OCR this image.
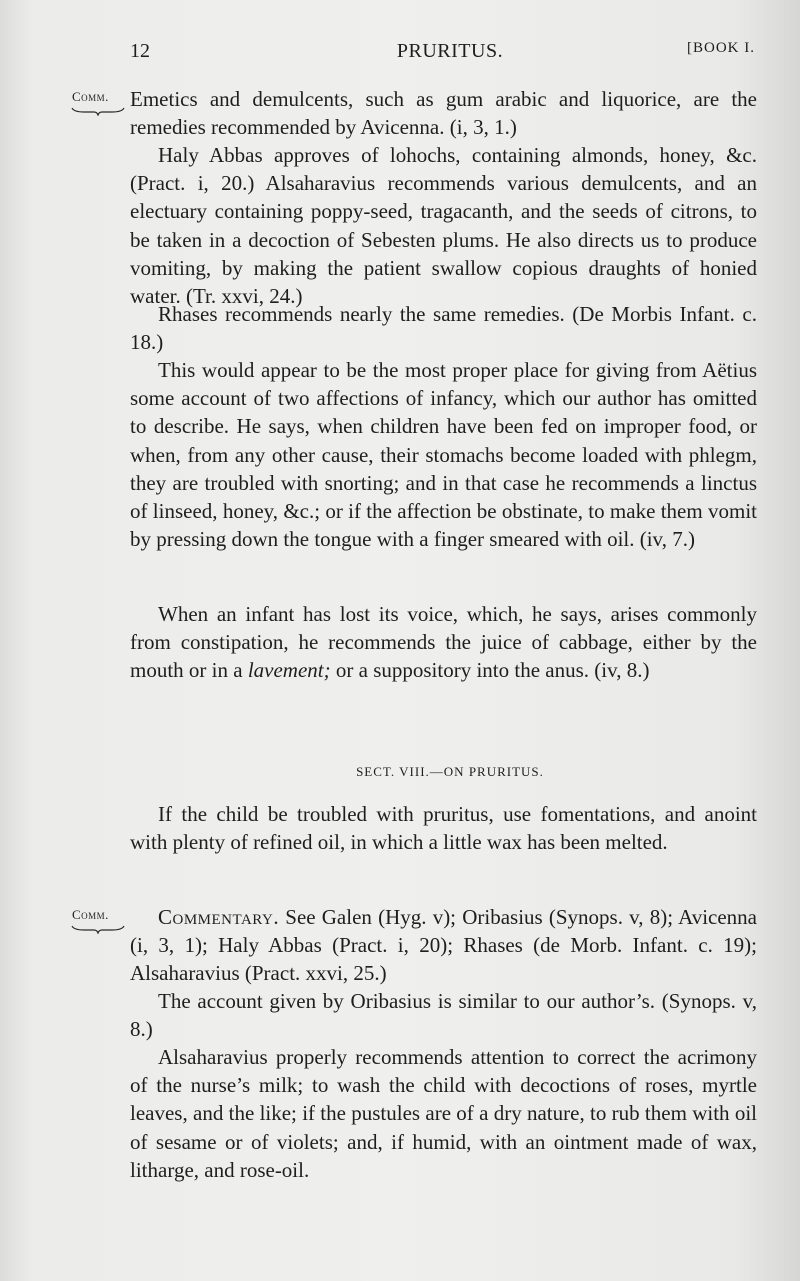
12	PRURITUS.	[BOOK I.
Comm. Emetics and demulcents, such as gum arabic and liquorice, are the remedies recommended by Avicenna. (i, 3, 1.)

Haly Abbas approves of lohochs, containing almonds, honey, &c. (Pract. i, 20.) Alsaharavius recommends various demulcents, and an electuary containing poppy-seed, tragacanth, and the seeds of citrons, to be taken in a decoction of Sebesten plums. He also directs us to produce vomiting, by making the patient swallow copious draughts of honied water. (Tr. xxvi, 24.)

Rhases recommends nearly the same remedies. (De Morbis Infant. c. 18.)

This would appear to be the most proper place for giving from Aëtius some account of two affections of infancy, which our author has omitted to describe. He says, when children have been fed on improper food, or when, from any other cause, their stomachs become loaded with phlegm, they are troubled with snorting; and in that case he recommends a linctus of linseed, honey, &c.; or if the affection be obstinate, to make them vomit by pressing down the tongue with a finger smeared with oil. (iv, 7.)

When an infant has lost its voice, which, he says, arises commonly from constipation, he recommends the juice of cabbage, either by the mouth or in a lavement; or a suppository into the anus. (iv, 8.)

SECT. VIII.—ON PRURITUS.

If the child be troubled with pruritus, use fomentations, and anoint with plenty of refined oil, in which a little wax has been melted.

Comm.	Commentary. See Galen (Hyg. v); Oribasius (Synops. v, 8); Avicenna (i, 3, 1); Haly Abbas (Pract. i, 20); Rhases (de Morb. Infant. c. 19); Alsaharavius (Pract. xxvi, 25.)

The account given by Oribasius is similar to our author’s. (Synops. v, 8.)

Alsaharavius properly recommends attention to correct the acrimony of the nurse’s milk; to wash the child with decoctions of roses, myrtle leaves, and the like; if the pustules are of a dry nature, to rub them with oil of sesame or of violets; and, if humid, with an ointment made of wax, litharge, and rose-oil.
